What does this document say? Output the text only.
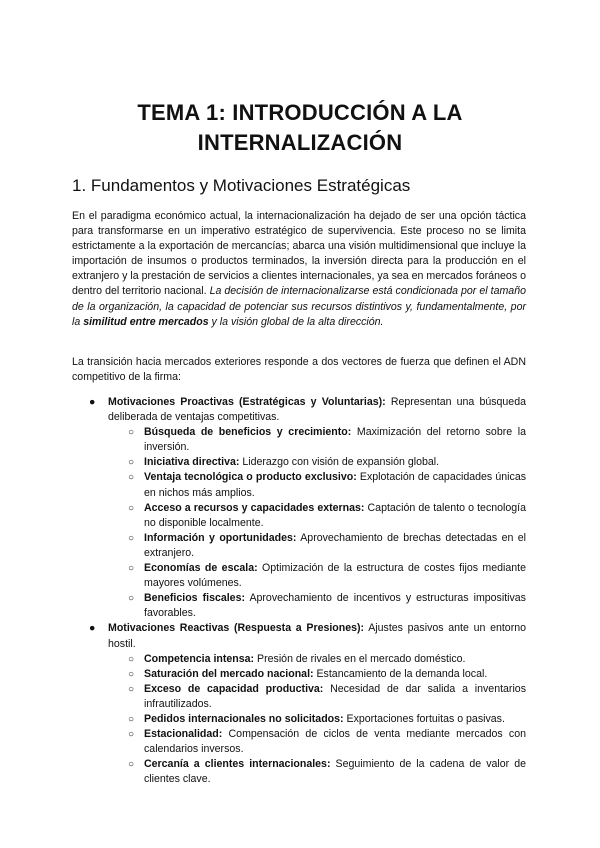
TEMA 1: INTRODUCCIÓN A LA INTERNALIZACIÓN
1. Fundamentos y Motivaciones Estratégicas

En el paradigma económico actual, la internacionalización ha dejado de ser una opción táctica para transformarse en un imperativo estratégico de supervivencia. Este proceso no se limita estrictamente a la exportación de mercancías; abarca una visión multidimensional que incluye la importación de insumos o productos terminados, la inversión directa para la producción en el extranjero y la prestación de servicios a clientes internacionales, ya sea en mercados foráneos o dentro del territorio nacional. La decisión de internacionalizarse está condicionada por el tamaño de la organización, la capacidad de potenciar sus recursos distintivos y, fundamentalmente, por la similitud entre mercados y la visión global de la alta dirección.

La transición hacia mercados exteriores responde a dos vectores de fuerza que definen el ADN competitivo de la firma:

● Motivaciones Proactivas (Estratégicas y Voluntarias): Representan una búsqueda deliberada de ventajas competitivas.
○ Búsqueda de beneficios y crecimiento: Maximización del retorno sobre la inversión.
○ Iniciativa directiva: Liderazgo con visión de expansión global.
○ Ventaja tecnológica o producto exclusivo: Explotación de capacidades únicas en nichos más amplios.
○ Acceso a recursos y capacidades externas: Captación de talento o tecnología no disponible localmente.
○ Información y oportunidades: Aprovechamiento de brechas detectadas en el extranjero.
○ Economías de escala: Optimización de la estructura de costes fijos mediante mayores volúmenes.
○ Beneficios fiscales: Aprovechamiento de incentivos y estructuras impositivas favorables.
● Motivaciones Reactivas (Respuesta a Presiones): Ajustes pasivos ante un entorno hostil.
○ Competencia intensa: Presión de rivales en el mercado doméstico.
○ Saturación del mercado nacional: Estancamiento de la demanda local.
○ Exceso de capacidad productiva: Necesidad de dar salida a inventarios infrautilizados.
○ Pedidos internacionales no solicitados: Exportaciones fortuitas o pasivas.
○ Estacionalidad: Compensación de ciclos de venta mediante mercados con calendarios inversos.
○ Cercanía a clientes internacionales: Seguimiento de la cadena de valor de clientes clave.
